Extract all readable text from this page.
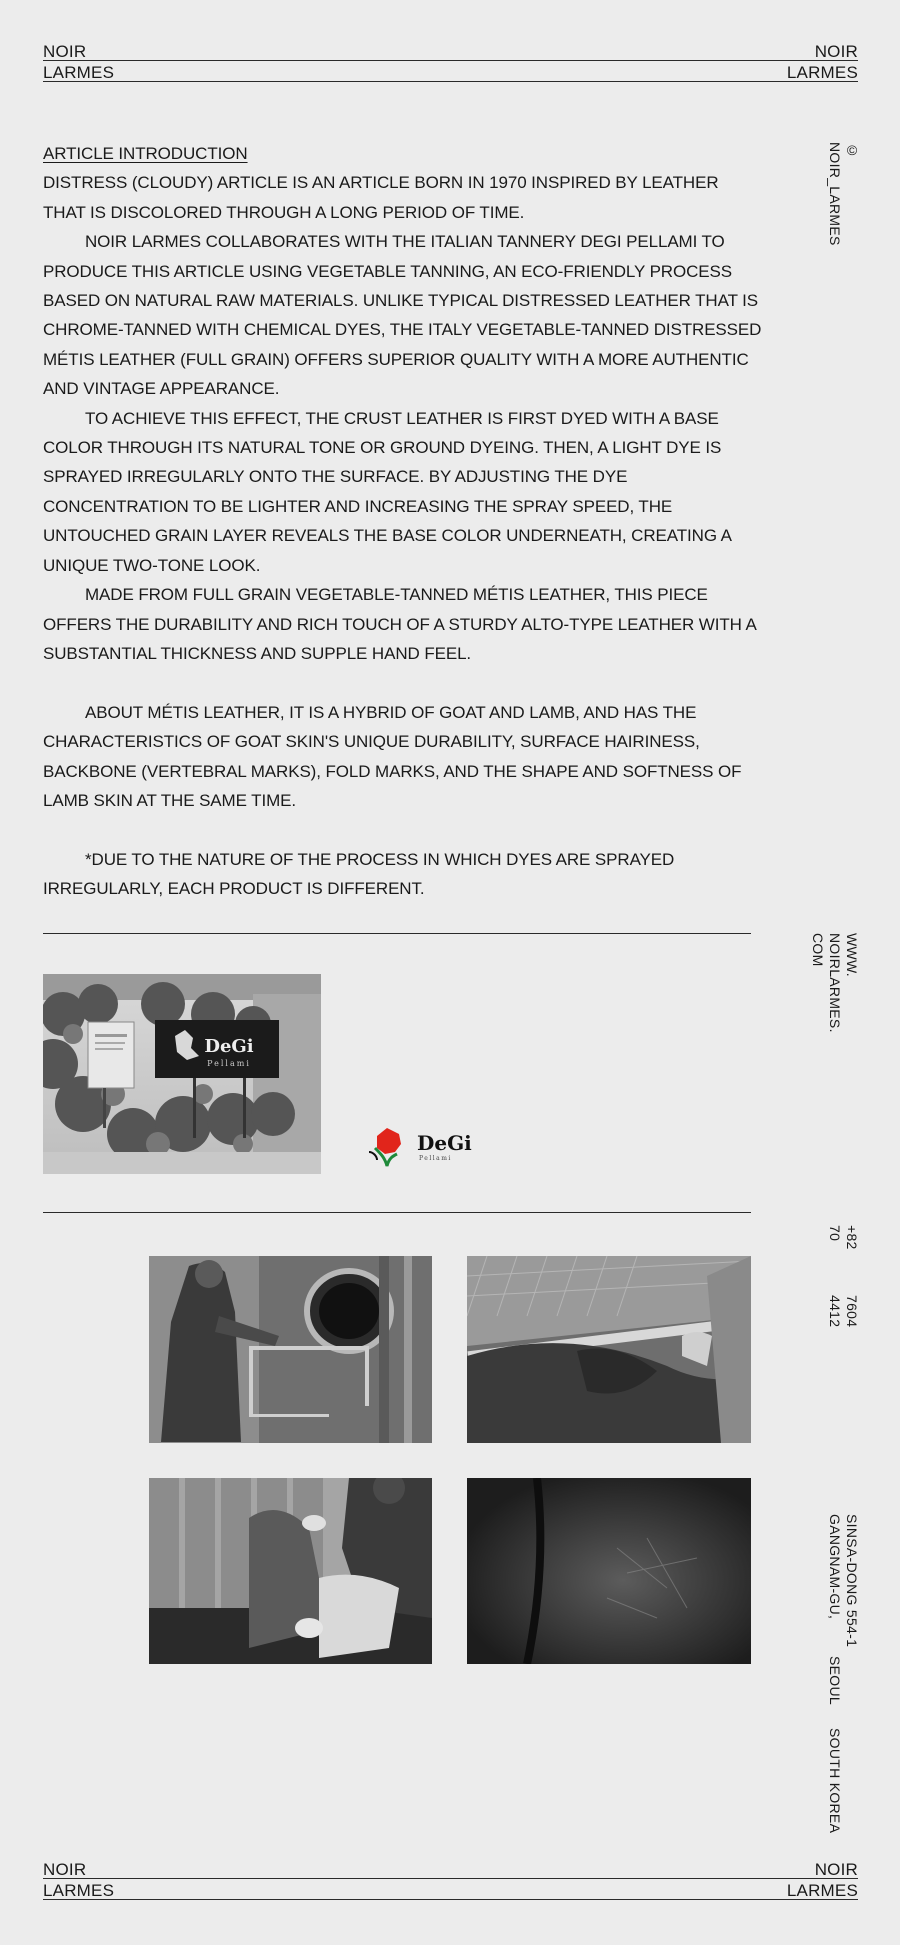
NOIR
LARMES
NOIR
LARMES
ARTICLE INTRODUCTION

DISTRESS (CLOUDY) ARTICLE IS AN ARTICLE BORN IN 1970 INSPIRED BY LEATHER THAT IS DISCOLORED THROUGH A LONG PERIOD OF TIME.

NOIR LARMES COLLABORATES WITH THE ITALIAN TANNERY DEGI PELLAMI TO PRODUCE THIS ARTICLE USING VEGETABLE TANNING, AN ECO-FRIENDLY PROCESS BASED ON NATURAL RAW MATERIALS. UNLIKE TYPICAL DISTRESSED LEATHER THAT IS CHROME-TANNED WITH CHEMICAL DYES, THE ITALY VEGETABLE-TANNED DISTRESSED MÉTIS LEATHER (FULL GRAIN) OFFERS SUPERIOR QUALITY WITH A MORE AUTHENTIC AND VINTAGE APPEARANCE.

TO ACHIEVE THIS EFFECT, THE CRUST LEATHER IS FIRST DYED WITH A BASE COLOR THROUGH ITS NATURAL TONE OR GROUND DYEING. THEN, A LIGHT DYE IS SPRAYED IRREGULARLY ONTO THE SURFACE. BY ADJUSTING THE DYE CONCENTRATION TO BE LIGHTER AND INCREASING THE SPRAY SPEED, THE UNTOUCHED GRAIN LAYER REVEALS THE BASE COLOR UNDERNEATH, CREATING A UNIQUE TWO-TONE LOOK.

MADE FROM FULL GRAIN VEGETABLE-TANNED MÉTIS LEATHER, THIS PIECE OFFERS THE DURABILITY AND RICH TOUCH OF A STURDY ALTO-TYPE LEATHER WITH A SUBSTANTIAL THICKNESS AND SUPPLE HAND FEEL.

ABOUT MÉTIS LEATHER, IT IS A HYBRID OF GOAT AND LAMB, AND HAS THE CHARACTERISTICS OF GOAT SKIN'S UNIQUE DURABILITY, SURFACE HAIRINESS, BACKBONE (VERTEBRAL MARKS), FOLD MARKS, AND THE SHAPE AND SOFTNESS OF LAMB SKIN AT THE SAME TIME.

*DUE TO THE NATURE OF THE PROCESS IN WHICH DYES ARE SPRAYED IRREGULARLY, EACH PRODUCT IS DIFFERENT.

DeGi
Pellami
DeGi
Pellami
©
NOIR_LARMES
WWW.
NOIRLARMES.
COM
+82
70
7604
4412
SINSA-DONG 554-1
GANGNAM-GU,
SEOUL
SOUTH KOREA
NOIR
LARMES
NOIR
LARMES
